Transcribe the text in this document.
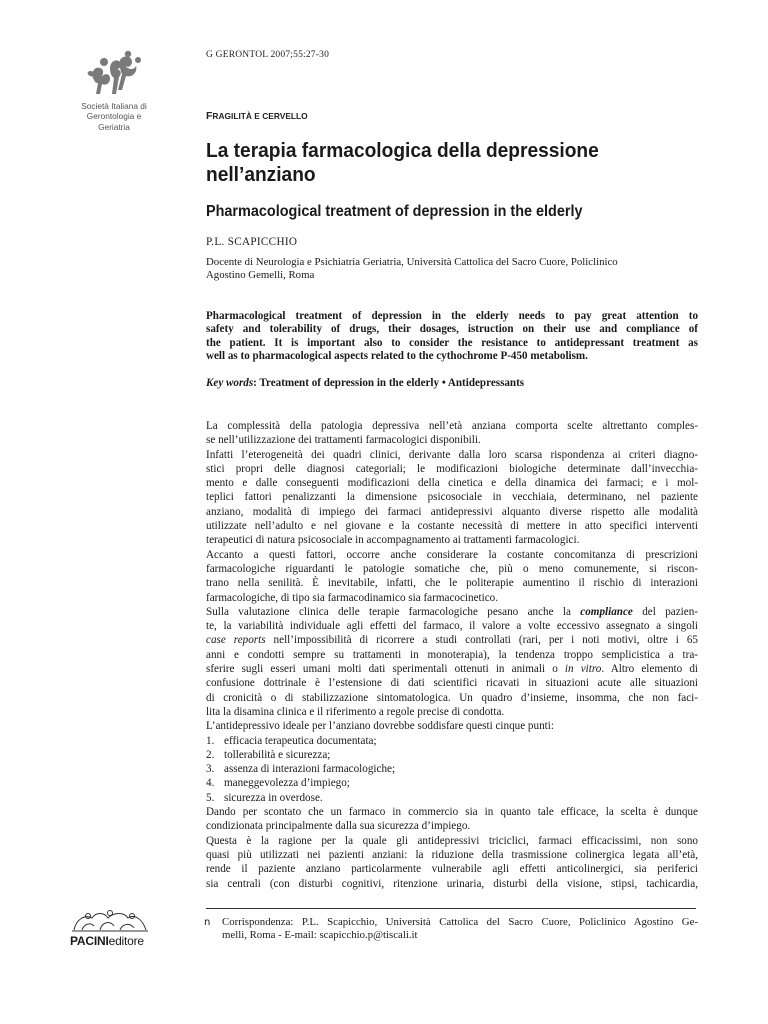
Società Italiana di
Gerontologia e
Geriatria
G GERONTOL 2007;55:27-30
FRAGILITÀ E CERVELLO
La terapia farmacologica della depressione
nell’anziano
Pharmacological treatment of depression in the elderly
P.L. SCAPICCHIO
Docente di Neurologia e Psichiatria Geriatria, Università Cattolica del Sacro Cuore, Policlinico
Agostino Gemelli, Roma
Pharmacological treatment of depression in the elderly needs to pay great attention to
safety and tolerability of drugs, their dosages, istruction on their use and compliance of
the patient. It is important also to consider the resistance to antidepressant treatment as
well as to pharmacological aspects related to the cythochrome P-450 metabolism.
Key words: Treatment of depression in the elderly • Antidepressants
La complessità della patologia depressiva nell’età anziana comporta scelte altrettanto comples-
se nell’utilizzazione dei trattamenti farmacologici disponibili.
Infatti l’eterogeneità dei quadri clinici, derivante dalla loro scarsa rispondenza ai criteri diagno-
stici propri delle diagnosi categoriali; le modificazioni biologiche determinate dall’invecchia-
mento e dalle conseguenti modificazioni della cinetica e della dinamica dei farmaci; e i mol-
teplici fattori penalizzanti la dimensione psicosociale in vecchiaia, determinano, nel paziente
anziano, modalità di impiego dei farmaci antidepressivi alquanto diverse rispetto alle modalità
utilizzate nell’adulto e nel giovane e la costante necessità di mettere in atto specifici interventi
terapeutici di natura psicosociale in accompagnamento ai trattamenti farmacologici.
Accanto a questi fattori, occorre anche considerare la costante concomitanza di prescrizioni
farmacologiche riguardanti le patologie somatiche che, più o meno comunemente, si riscon-
trano nella senilità. È inevitabile, infatti, che le politerapie aumentino il rischio di interazioni
farmacologiche, di tipo sia farmacodinamico sia farmacocinetico.
Sulla valutazione clinica delle terapie farmacologiche pesano anche la compliance del pazien-
te, la variabilità individuale agli effetti del farmaco, il valore a volte eccessivo assegnato a singoli
case reports nell’impossibilità di ricorrere a studi controllati (rari, per i noti motivi, oltre i 65
anni e condotti sempre su trattamenti in monoterapia), la tendenza troppo semplicistica a tra-
sferire sugli esseri umani molti dati sperimentali ottenuti in animali o in vitro. Altro elemento di
confusione dottrinale è l’estensione di dati scientifici ricavati in situazioni acute alle situazioni
di cronicità o di stabilizzazione sintomatologica. Un quadro d’insieme, insomma, che non faci-
lita la disamina clinica e il riferimento a regole precise di condotta.
L’antidepressivo ideale per l’anziano dovrebbe soddisfare questi cinque punti:
1. efficacia terapeutica documentata;
2. tollerabilità e sicurezza;
3. assenza di interazioni farmacologiche;
4. maneggevolezza d’impiego;
5. sicurezza in overdose.
Dando per scontato che un farmaco in commercio sia in quanto tale efficace, la scelta è dunque
condizionata principalmente dalla sua sicurezza d’impiego.
Questa è la ragione per la quale gli antidepressivi triciclici, farmaci efficacissimi, non sono
quasi più utilizzati nei pazienti anziani: la riduzione della trasmissione colinergica legata all’età,
rende il paziente anziano particolarmente vulnerabile agli effetti anticolinergici, sia periferici
sia centrali (con disturbi cognitivi, ritenzione urinaria, disturbi della visione, stipsi, tachicardia,
n	Corrispondenza: P.L. Scapicchio, Università Cattolica del Sacro Cuore, Policlinico Agostino Ge-
melli, Roma - E-mail: scapicchio.p@tiscali.it
PACINIeditore
